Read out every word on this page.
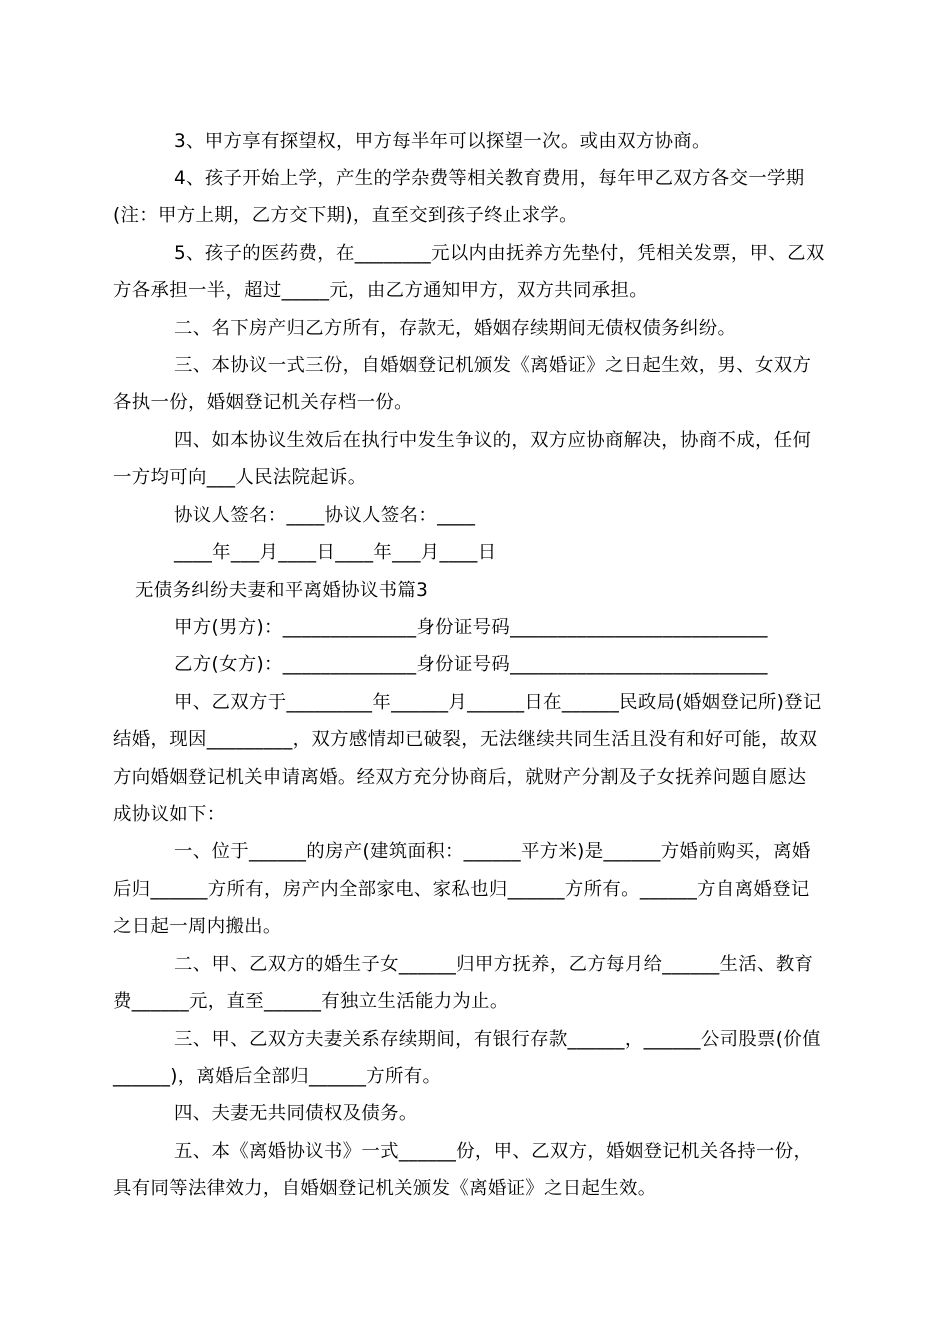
3、甲方享有探望权，甲方每半年可以探望一次。或由双方协商。
4、孩子开始上学，产生的学杂费等相关教育费用，每年甲乙双方各交一学期
(注：甲方上期，乙方交下期)，直至交到孩子终止求学。
5、孩子的医药费，在________元以内由抚养方先垫付，凭相关发票，甲、乙双
方各承担一半，超过_____元，由乙方通知甲方，双方共同承担。
二、名下房产归乙方所有，存款无，婚姻存续期间无债权债务纠纷。
三、本协议一式三份，自婚姻登记机颁发《离婚证》之日起生效，男、女双方
各执一份，婚姻登记机关存档一份。
四、如本协议生效后在执行中发生争议的，双方应协商解决，协商不成，任何
一方均可向___人民法院起诉。
协议人签名：____协议人签名：____
____年___月____日____年___月____日
无债务纠纷夫妻和平离婚协议书篇3
甲方(男方)：______________身份证号码___________________________
乙方(女方)：______________身份证号码___________________________
甲、乙双方于_________年______月______日在______民政局(婚姻登记所)登记
结婚，现因_________，双方感情却已破裂，无法继续共同生活且没有和好可能，故双
方向婚姻登记机关申请离婚。经双方充分协商后，就财产分割及子女抚养问题自愿达
成协议如下：
一、位于______的房产(建筑面积：______平方米)是______方婚前购买，离婚
后归______方所有，房产内全部家电、家私也归______方所有。______方自离婚登记
之日起一周内搬出。
二、甲、乙双方的婚生子女______归甲方抚养，乙方每月给______生活、教育
费______元，直至______有独立生活能力为止。
三、甲、乙双方夫妻关系存续期间，有银行存款______，______公司股票(价值
______)，离婚后全部归______方所有。
四、夫妻无共同债权及债务。
五、本《离婚协议书》一式______份，甲、乙双方，婚姻登记机关各持一份，
具有同等法律效力，自婚姻登记机关颁发《离婚证》之日起生效。
